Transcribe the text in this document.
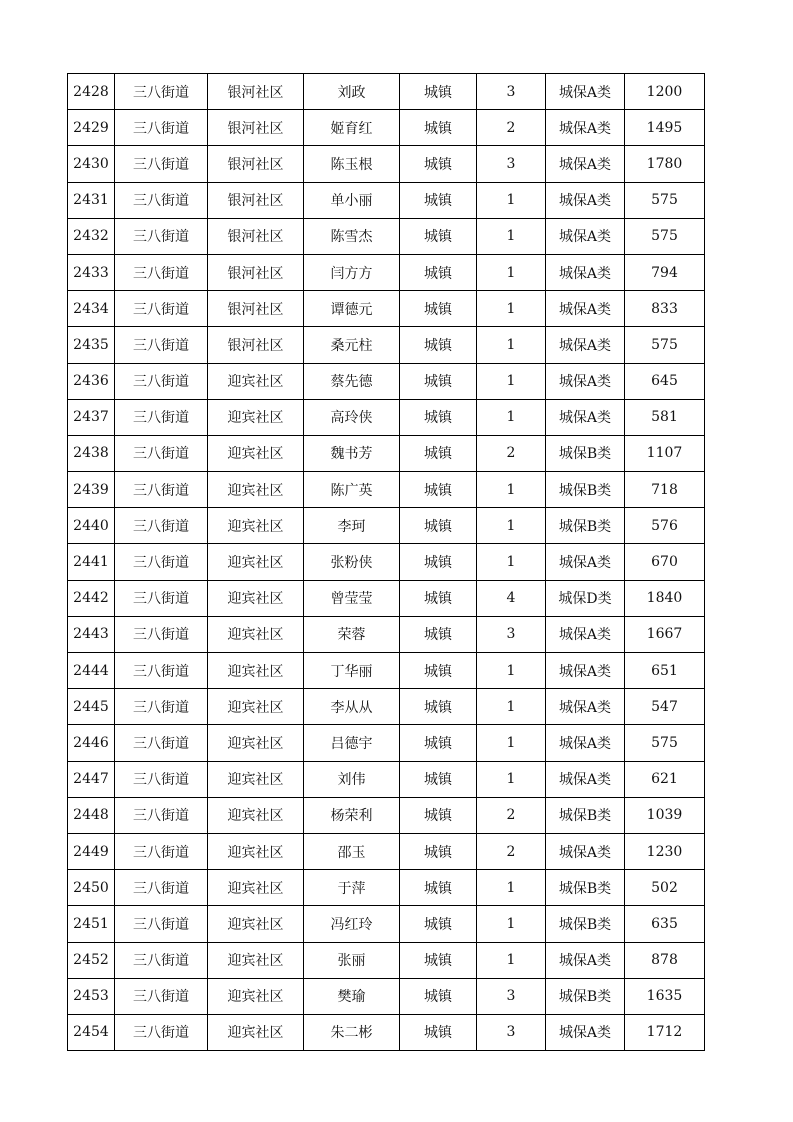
2428	三八街道	银河社区	刘政	城镇	3	城保A类	1200
2429	三八街道	银河社区	姬育红	城镇	2	城保A类	1495
2430	三八街道	银河社区	陈玉根	城镇	3	城保A类	1780
2431	三八街道	银河社区	单小丽	城镇	1	城保A类	575
2432	三八街道	银河社区	陈雪杰	城镇	1	城保A类	575
2433	三八街道	银河社区	闫方方	城镇	1	城保A类	794
2434	三八街道	银河社区	谭德元	城镇	1	城保A类	833
2435	三八街道	银河社区	桑元柱	城镇	1	城保A类	575
2436	三八街道	迎宾社区	蔡先德	城镇	1	城保A类	645
2437	三八街道	迎宾社区	高玲侠	城镇	1	城保A类	581
2438	三八街道	迎宾社区	魏书芳	城镇	2	城保B类	1107
2439	三八街道	迎宾社区	陈广英	城镇	1	城保B类	718
2440	三八街道	迎宾社区	李珂	城镇	1	城保B类	576
2441	三八街道	迎宾社区	张粉侠	城镇	1	城保A类	670
2442	三八街道	迎宾社区	曾莹莹	城镇	4	城保D类	1840
2443	三八街道	迎宾社区	荣蓉	城镇	3	城保A类	1667
2444	三八街道	迎宾社区	丁华丽	城镇	1	城保A类	651
2445	三八街道	迎宾社区	李从从	城镇	1	城保A类	547
2446	三八街道	迎宾社区	吕德宇	城镇	1	城保A类	575
2447	三八街道	迎宾社区	刘伟	城镇	1	城保A类	621
2448	三八街道	迎宾社区	杨荣利	城镇	2	城保B类	1039
2449	三八街道	迎宾社区	邵玉	城镇	2	城保A类	1230
2450	三八街道	迎宾社区	于萍	城镇	1	城保B类	502
2451	三八街道	迎宾社区	冯红玲	城镇	1	城保B类	635
2452	三八街道	迎宾社区	张丽	城镇	1	城保A类	878
2453	三八街道	迎宾社区	樊瑜	城镇	3	城保B类	1635
2454	三八街道	迎宾社区	朱二彬	城镇	3	城保A类	1712
